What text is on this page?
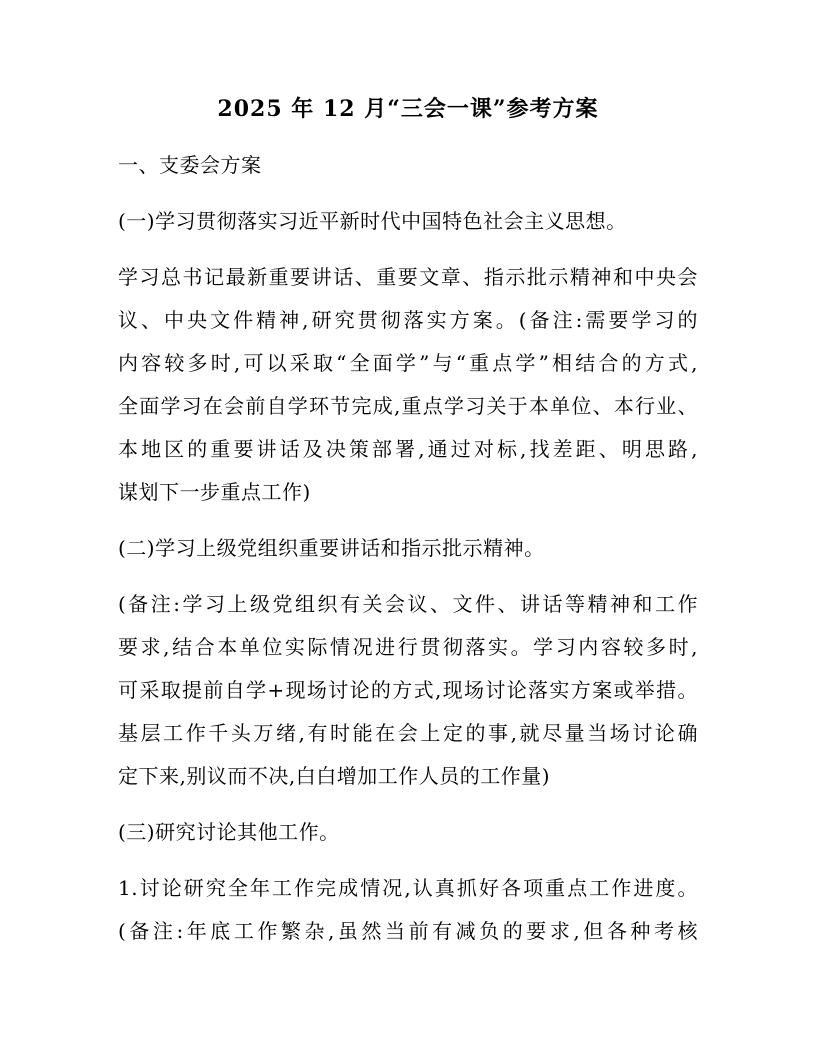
2025 年 12 月“三会一课”参考方案
一、支委会方案
(一)学习贯彻落实习近平新时代中国特色社会主义思想。
学习总书记最新重要讲话、重要文章、指示批示精神和中央会
议、中央文件精神,研究贯彻落实方案。(备注:需要学习的
内容较多时,可以采取“全面学”与“重点学”相结合的方式,
全面学习在会前自学环节完成,重点学习关于本单位、本行业、
本地区的重要讲话及决策部署,通过对标,找差距、明思路,
谋划下一步重点工作)
(二)学习上级党组织重要讲话和指示批示精神。
(备注:学习上级党组织有关会议、文件、讲话等精神和工作
要求,结合本单位实际情况进行贯彻落实。学习内容较多时,
可采取提前自学+现场讨论的方式,现场讨论落实方案或举措。
基层工作千头万绪,有时能在会上定的事,就尽量当场讨论确
定下来,别议而不决,白白增加工作人员的工作量)
(三)研究讨论其他工作。
1.讨论研究全年工作完成情况,认真抓好各项重点工作进度。
(备注:年底工作繁杂,虽然当前有减负的要求,但各种考核
